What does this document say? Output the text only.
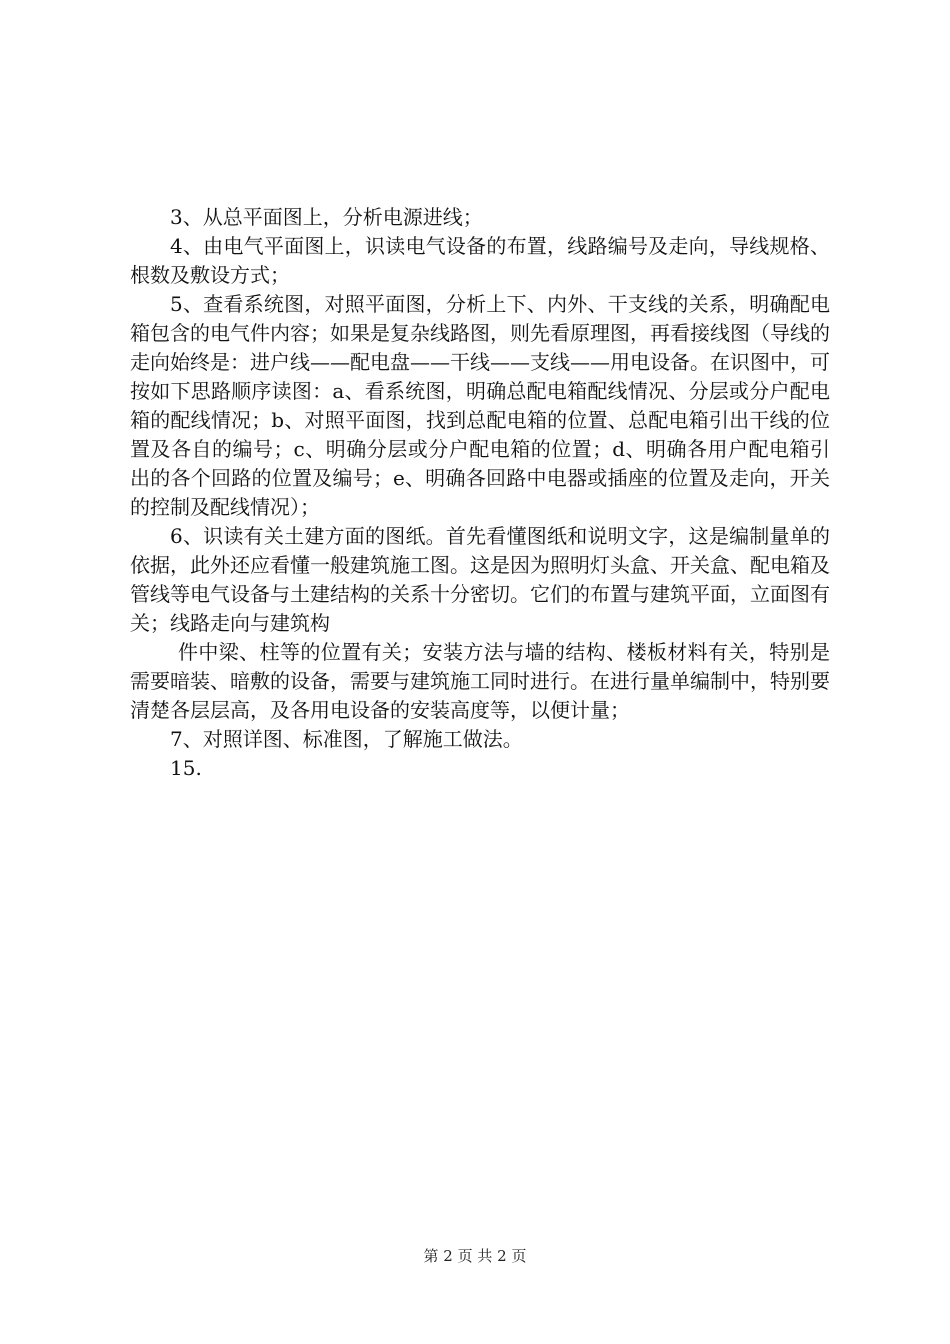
3、从总平面图上，分析电源进线；

4、由电气平面图上，识读电气设备的布置，线路编号及走向，导线规格、根数及敷设方式；

5、查看系统图，对照平面图，分析上下、内外、干支线的关系，明确配电箱包含的电气件内容；如果是复杂线路图，则先看原理图，再看接线图（导线的走向始终是：进户线——配电盘——干线——支线——用电设备。在识图中，可按如下思路顺序读图：a、看系统图，明确总配电箱配线情况、分层或分户配电箱的配线情况；b、对照平面图，找到总配电箱的位置、总配电箱引出干线的位置及各自的编号；c、明确分层或分户配电箱的位置；d、明确各用户配电箱引出的各个回路的位置及编号；e、明确各回路中电器或插座的位置及走向，开关的控制及配线情况）；

6、识读有关土建方面的图纸。首先看懂图纸和说明文字，这是编制量单的依据，此外还应看懂一般建筑施工图。这是因为照明灯头盒、开关盒、配电箱及管线等电气设备与土建结构的关系十分密切。它们的布置与建筑平面，立面图有关；线路走向与建筑构

件中梁、柱等的位置有关；安装方法与墙的结构、楼板材料有关，特别是需要暗装、暗敷的设备，需要与建筑施工同时进行。在进行量单编制中，特别要清楚各层层高，及各用电设备的安装高度等，以便计量；

7、对照详图、标准图，了解施工做法。

15.

第 2 页 共 2 页
